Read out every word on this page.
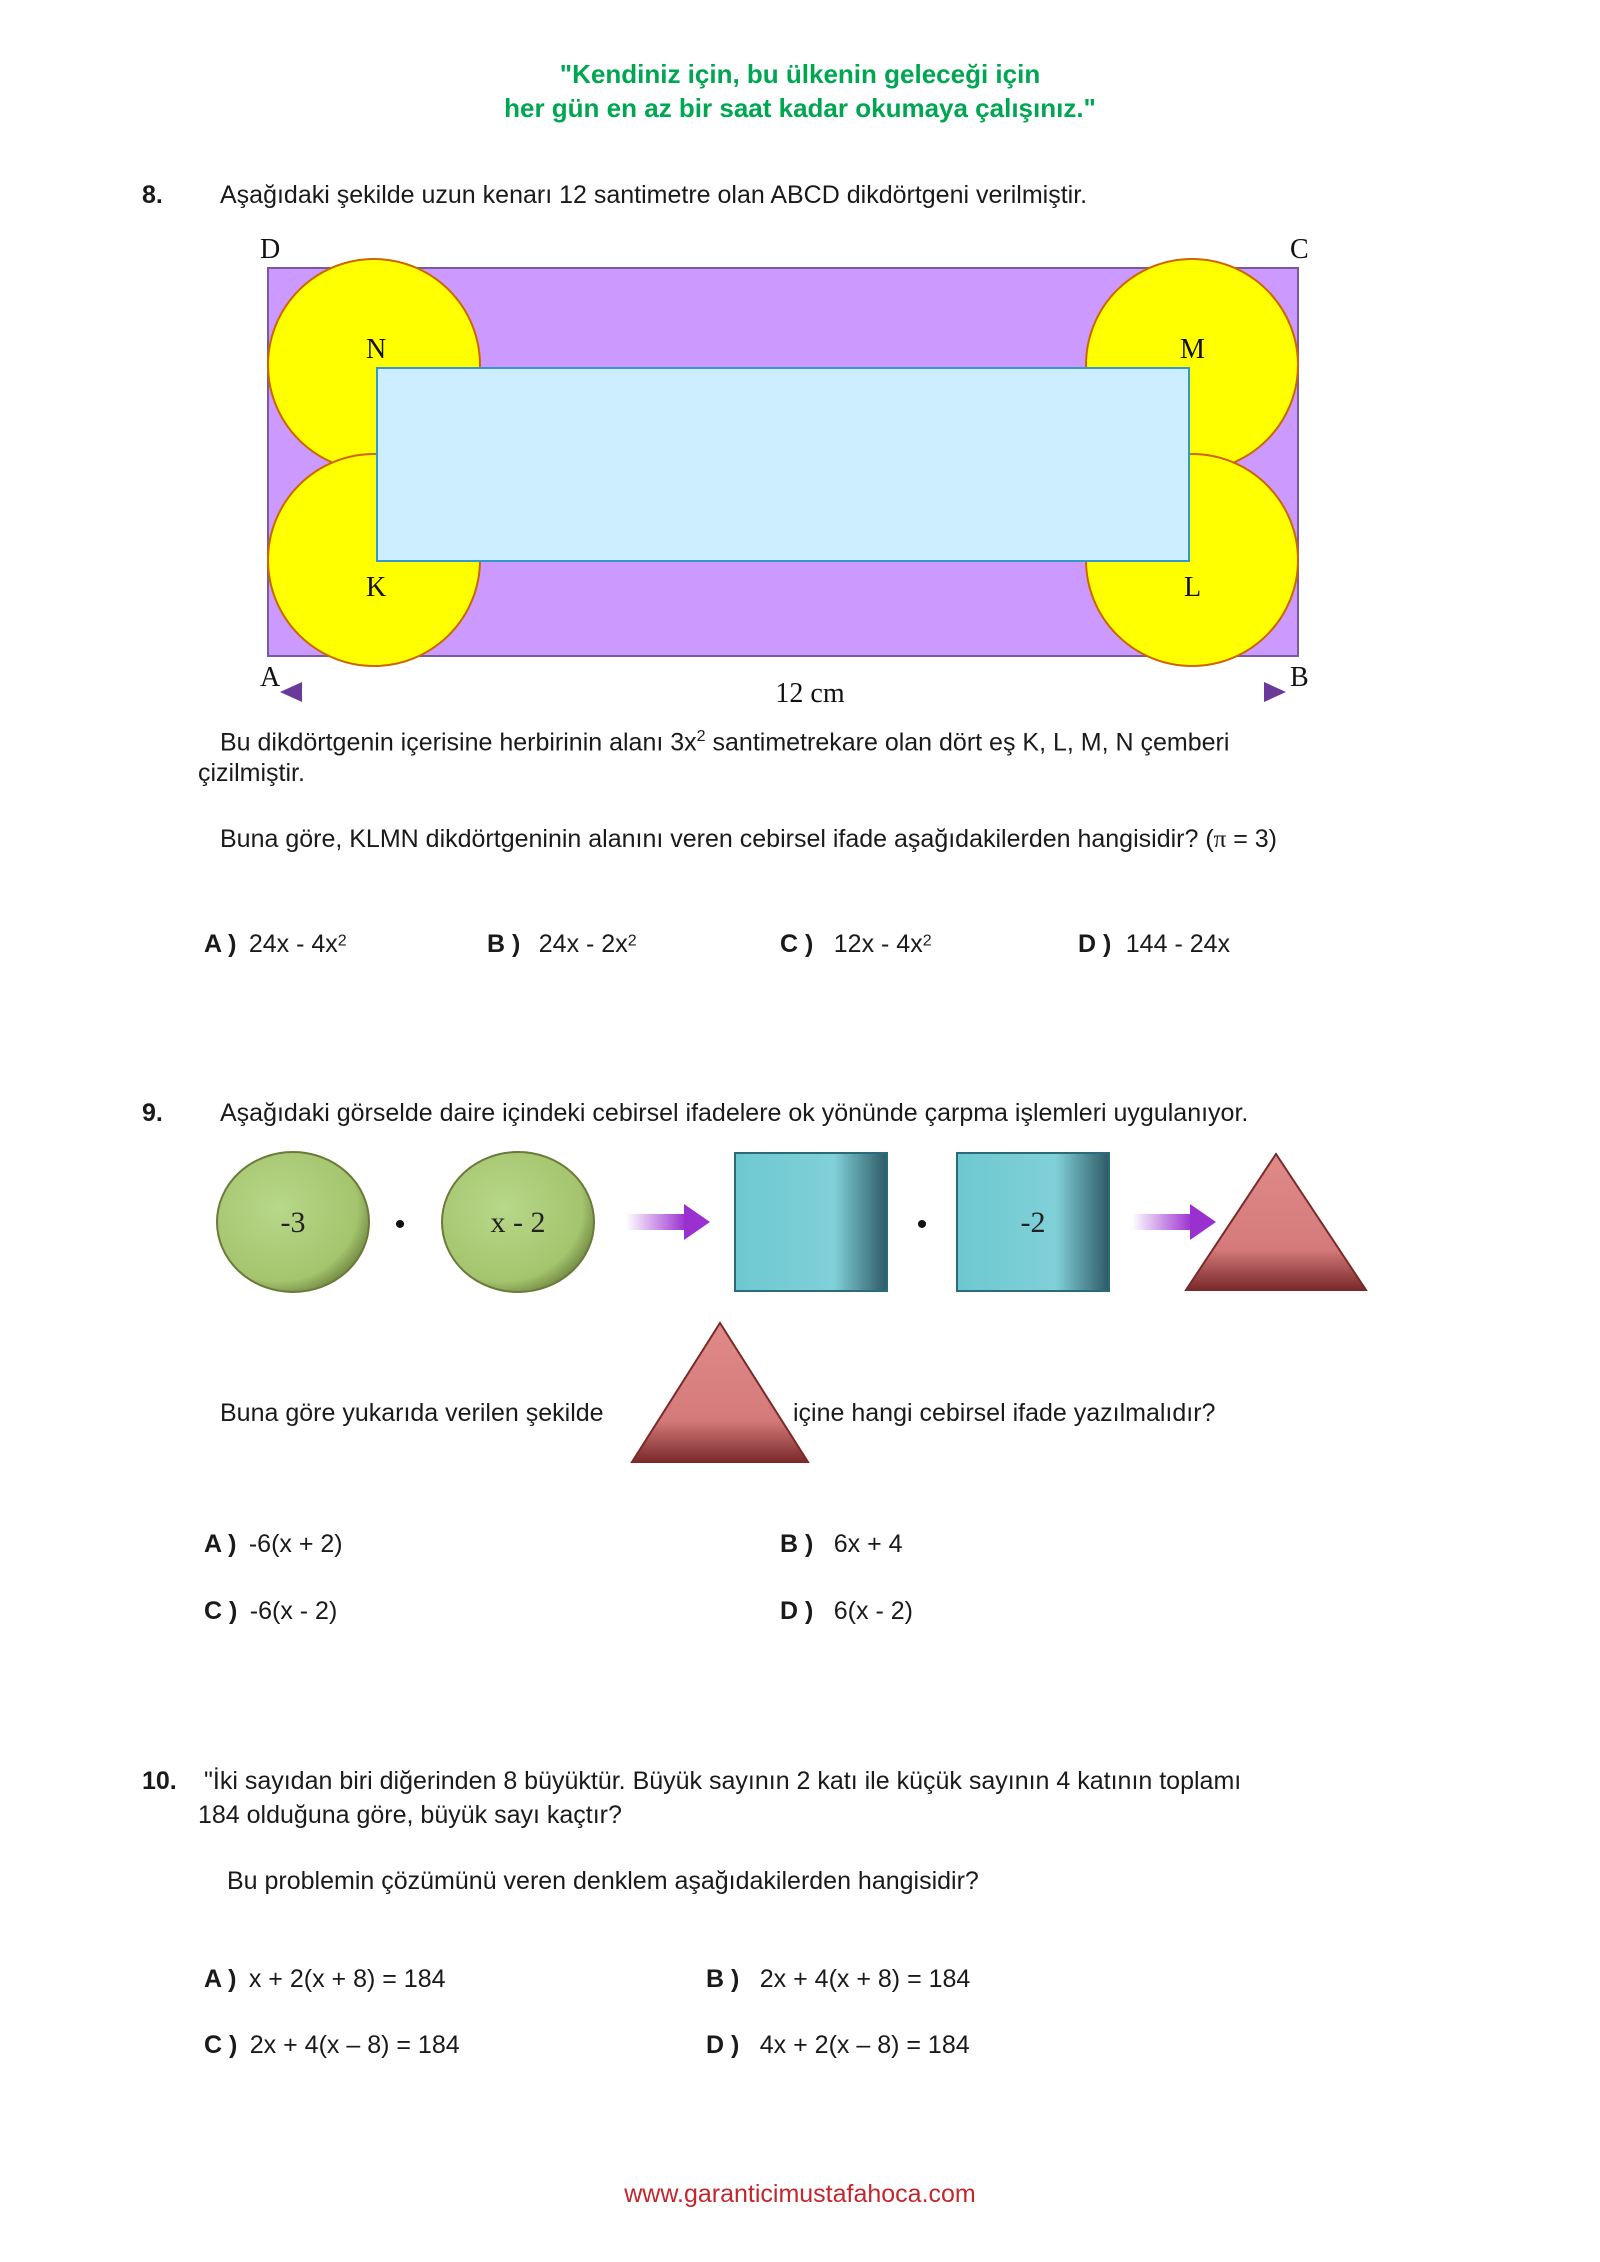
"Kendiniz için, bu ülkenin geleceği için
her gün en az bir saat kadar okumaya çalışınız."
8. Aşağıdaki şekilde uzun kenarı 12 santimetre olan ABCD dikdörtgeni verilmiştir.
12 cm
D	C
A	B
N	M
K	L
Bu dikdörtgenin içerisine herbirinin alanı $3x^2$ santimetrekare olan dört eş K, L, M, N çemberi
çizilmiştir.
Buna göre, KLMN dikdörtgeninin alanını veren cebirsel ifade aşağıdakilerden hangisidir? (π = 3)
A ) $24x - 4x^2$	B ) $24x - 2x^2$	C ) $12x - 4x^2$	D ) 144 - 24x
9. Aşağıdaki görselde daire içindeki cebirsel ifadelere ok yönünde çarpma işlemleri uygulanıyor.
-3	•	x - 2	•	-2
Buna göre yukarıda verilen şekilde	içine hangi cebirsel ifade yazılmalıdır?
A ) -6(x + 2)	B ) 6x + 4
C ) -6(x - 2)	D ) 6(x - 2)
10. "İki sayıdan biri diğerinden 8 büyüktür. Büyük sayının 2 katı ile küçük sayının 4 katının toplamı
184 olduğuna göre, büyük sayı kaçtır?
Bu problemin çözümünü veren denklem aşağıdakilerden hangisidir?
A ) x + 2(x + 8) = 184	B ) 2x + 4(x + 8) = 184
C ) 2x + 4(x – 8) = 184	D ) 4x + 2(x – 8) = 184
www.garanticimustafahoca.com
